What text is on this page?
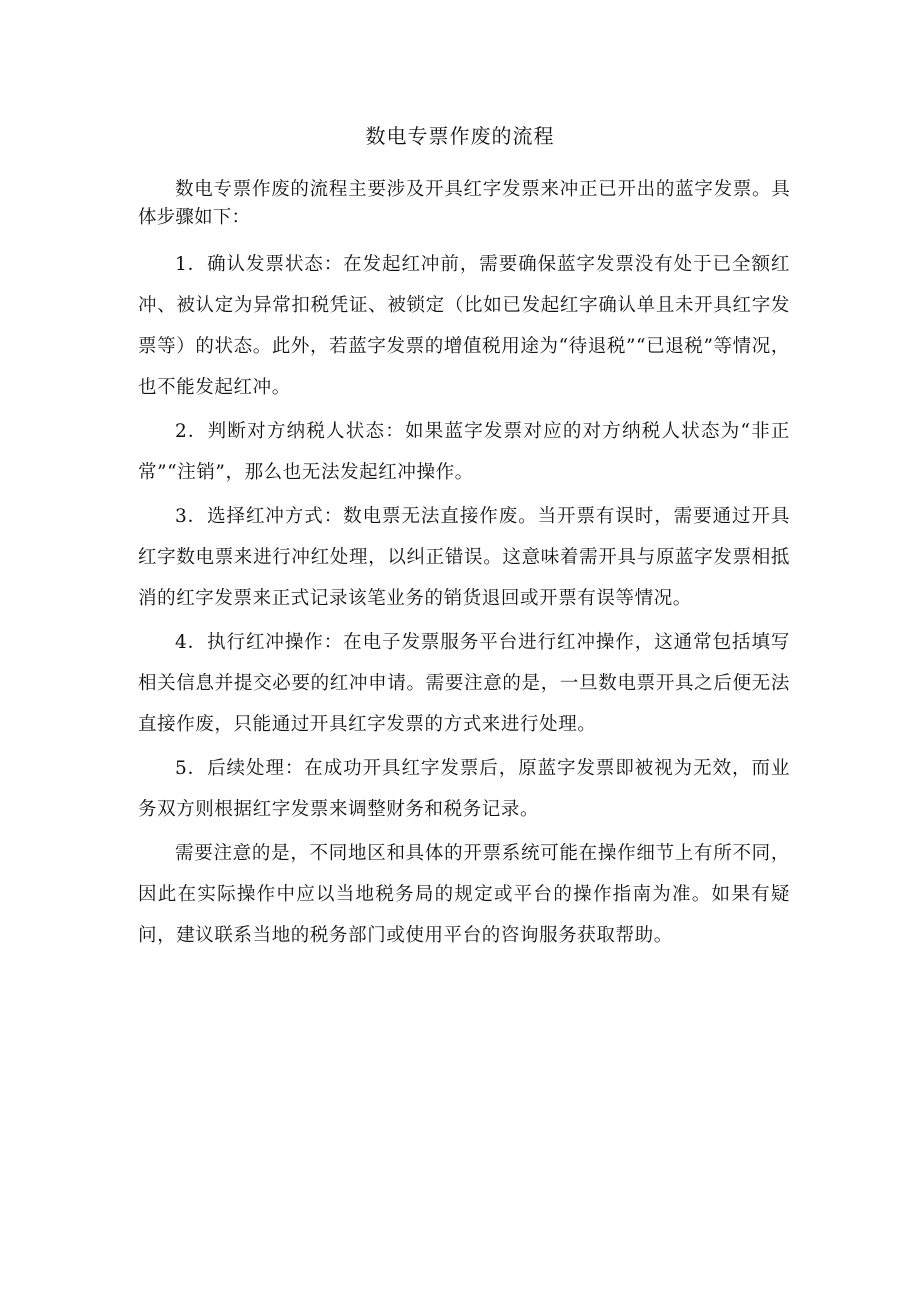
数电专票作废的流程

数电专票作废的流程主要涉及开具红字发票来冲正已开出的蓝字发票。具体步骤如下：

1．确认发票状态：在发起红冲前，需要确保蓝字发票没有处于已全额红冲、被认定为异常扣税凭证、被锁定（比如已发起红字确认单且未开具红字发票等）的状态。此外，若蓝字发票的增值税用途为“待退税”“已退税”等情况，也不能发起红冲。

2．判断对方纳税人状态：如果蓝字发票对应的对方纳税人状态为“非正常”“注销”，那么也无法发起红冲操作。

3．选择红冲方式：数电票无法直接作废。当开票有误时，需要通过开具红字数电票来进行冲红处理，以纠正错误。这意味着需开具与原蓝字发票相抵消的红字发票来正式记录该笔业务的销货退回或开票有误等情况。

4．执行红冲操作：在电子发票服务平台进行红冲操作，这通常包括填写相关信息并提交必要的红冲申请。需要注意的是，一旦数电票开具之后便无法直接作废，只能通过开具红字发票的方式来进行处理。

5．后续处理：在成功开具红字发票后，原蓝字发票即被视为无效，而业务双方则根据红字发票来调整财务和税务记录。

需要注意的是，不同地区和具体的开票系统可能在操作细节上有所不同，因此在实际操作中应以当地税务局的规定或平台的操作指南为准。如果有疑问，建议联系当地的税务部门或使用平台的咨询服务获取帮助。
